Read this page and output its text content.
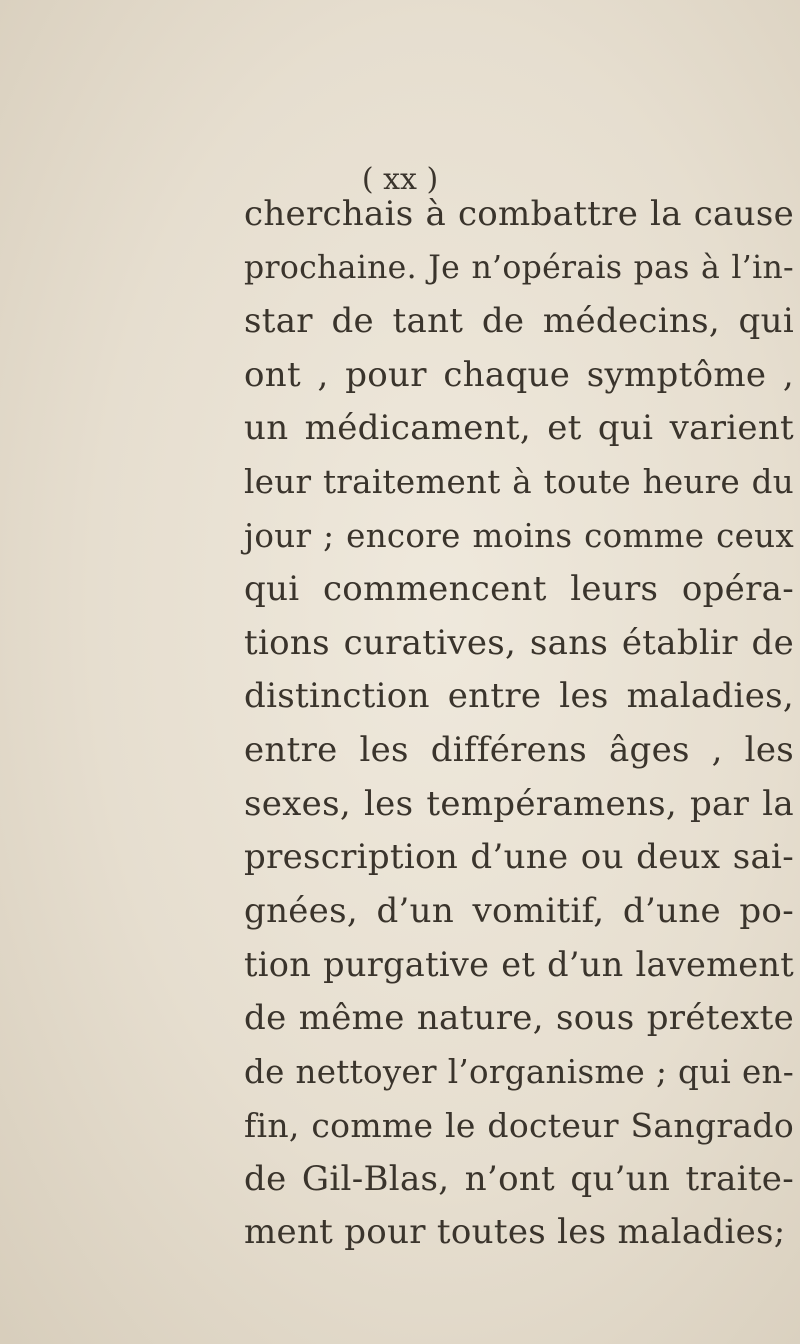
( xx )
cherchais à combattre la cause
prochaine. Je n’opérais pas à l’in-
star de tant de médecins, qui
ont , pour chaque symptôme ,
un médicament, et qui varient
leur traitement à toute heure du
jour ; encore moins comme ceux
qui commencent leurs opéra-
tions curatives, sans établir de
distinction entre les maladies,
entre les différens âges , les
sexes, les tempéramens, par la
prescription d’une ou deux sai-
gnées, d’un vomitif, d’une po-
tion purgative et d’un lavement
de même nature, sous prétexte
de nettoyer l’organisme ; qui en-
fin, comme le docteur Sangrado
de Gil-Blas, n’ont qu’un traite-
ment pour toutes les maladies;
